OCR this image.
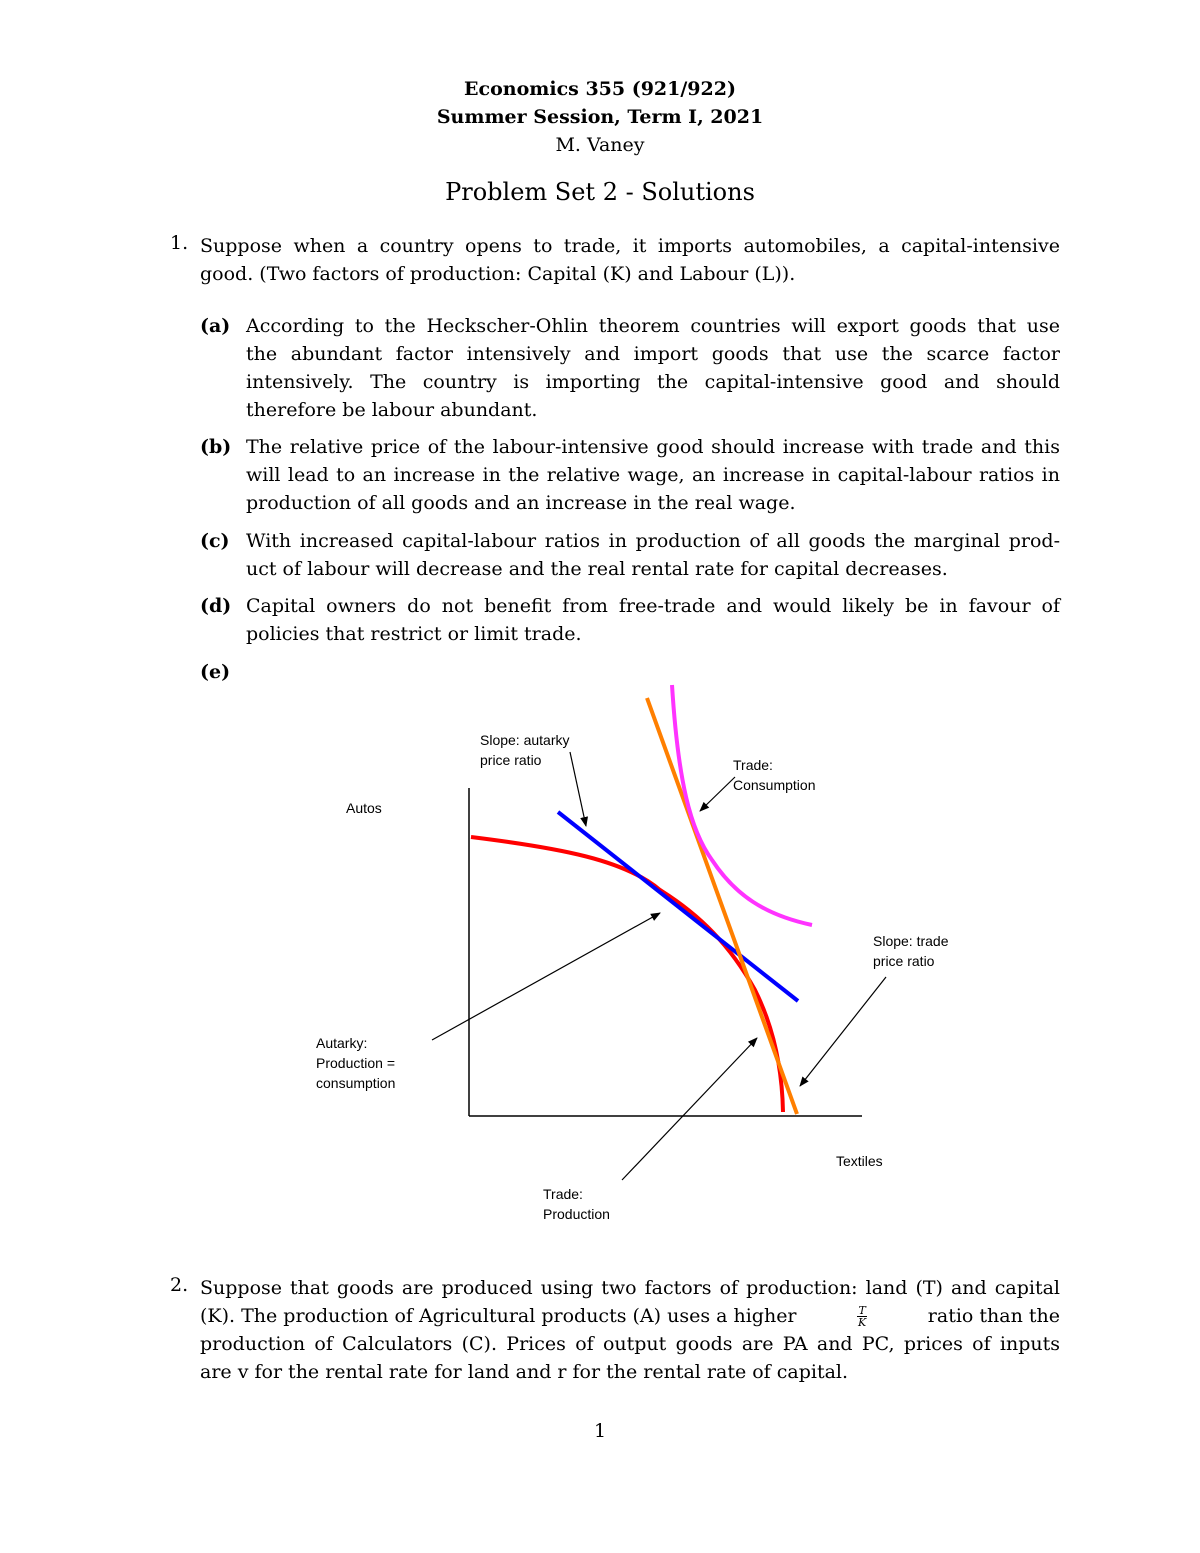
Economics 355 (921/922)
Summer Session, Term I, 2021
M. Vaney
Problem Set 2 - Solutions
1. Suppose when a country opens to trade, it imports automobiles, a capital-intensive
good. (Two factors of production: Capital (K) and Labour (L)).
(a) According to the Heckscher-Ohlin theorem countries will export goods that use
the abundant factor intensively and import goods that use the scarce factor intensively. The country is importing the capital-intensive good and should therefore be labour abundant.
(b) The relative price of the labour-intensive good should increase with trade and this
will lead to an increase in the relative wage, an increase in capital-labour ratios in production of all goods and an increase in the real wage.
(c) With increased capital-labour ratios in production of all goods the marginal prod-
uct of labour will decrease and the real rental rate for capital decreases.
(d) Capital owners do not benefit from free-trade and would likely be in favour of
policies that restrict or limit trade.
(e)
Autos
Textiles
Slope: autarky
price ratio	Trade:
Consumption
Slope: trade
price ratio
Autarky:
Production =
consumption
Trade:
Production
2. Suppose that goods are produced using two factors of production: land (T) and capital
(K). The production of Agricultural products (A) uses a higher	$\frac{T}{K}$	ratio than the
production of Calculators (C). Prices of output goods are PA and PC, prices of inputs
are v for the rental rate for land and r for the rental rate of capital.
1
